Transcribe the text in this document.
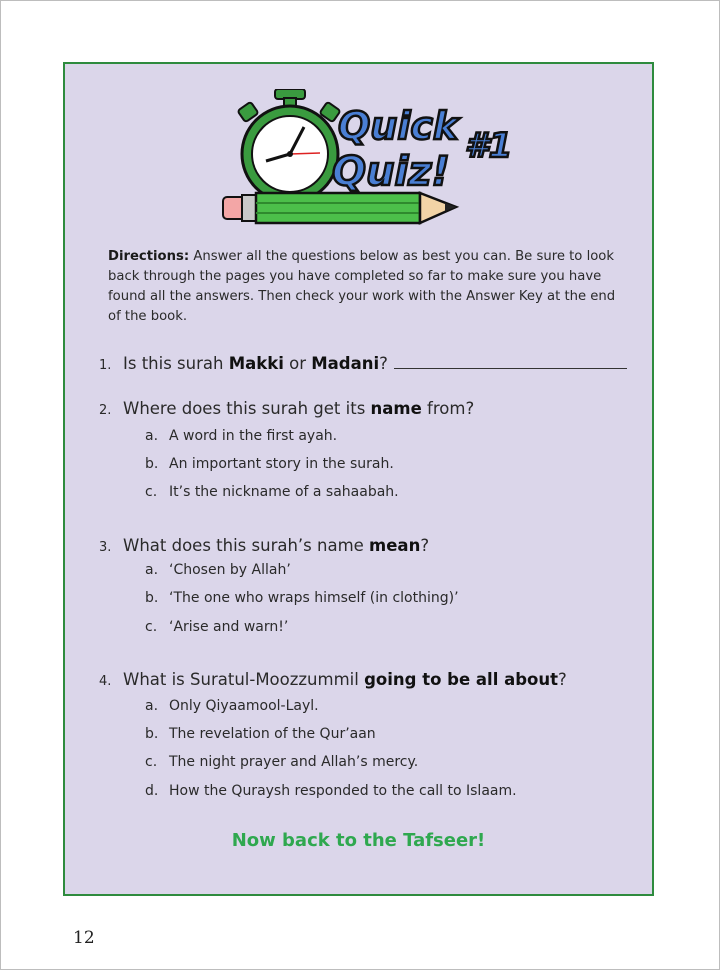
Quick
Quiz!
#1
Directions: Answer all the questions below as best you can. Be sure to look back through the pages you have completed so far to make sure you have found all the answers. Then check your work with the Answer Key at the end of the book.
1. Is this surah Makki or Madani?
2. Where does this surah get its name from?
a. A word in the first ayah.
b. An important story in the surah.
c. It’s the nickname of a sahaabah.
3. What does this surah’s name mean?
a. ‘Chosen by Allah’
b. ‘The one who wraps himself (in clothing)’
c. ‘Arise and warn!’
4. What is Suratul-Moozzummil going to be all about?
a. Only Qiyaamool-Layl.
b. The revelation of the Qur’aan
c. The night prayer and Allah’s mercy.
d. How the Quraysh responded to the call to Islaam.
Now back to the Tafseer!
12
